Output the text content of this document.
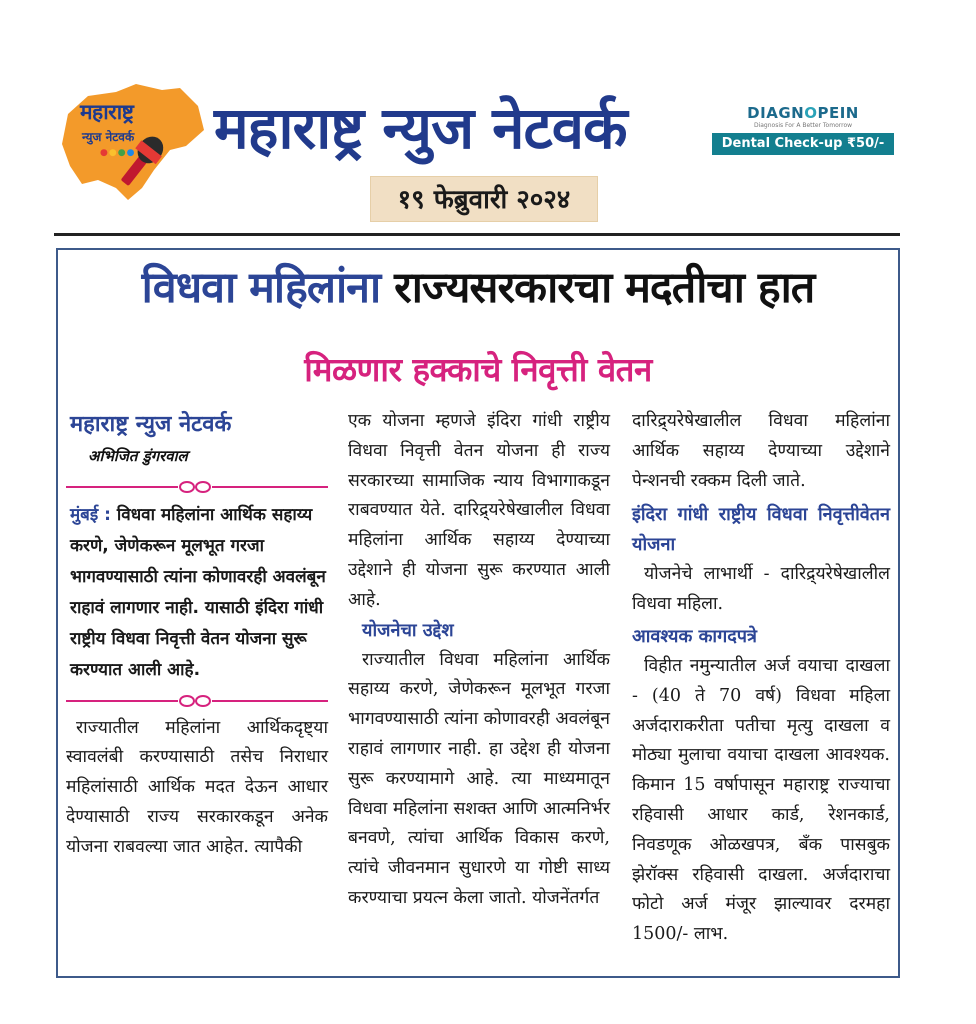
महाराष्ट्र
न्युज नेटवर्क
●●●● महाराष्ट्र न्युज नेटवर्क
१९ फेब्रुवारी २०२४
DIAGNOPEIN
Diagnosis For A Better Tomorrow
Dental Check-up ₹50/-
विधवा महिलांना राज्यसरकारचा मदतीचा हात
मिळणार हक्काचे निवृत्ती वेतन
महाराष्ट्र न्युज नेटवर्क
अभिजित डुंगरवाल
मुंबई : विधवा महिलांना आर्थिक सहाय्य करणे, जेणेकरून मूलभूत गरजा भागवण्यासाठी त्यांना कोणावरही अवलंबून राहावं लागणार नाही. यासाठी इंदिरा गांधी राष्ट्रीय विधवा निवृत्ती वेतन योजना सुरू करण्यात आली आहे.

राज्यातील महिलांना आर्थिकदृष्ट्या स्वावलंबी करण्यासाठी तसेच निराधार महिलांसाठी आर्थिक मदत देऊन आधार देण्यासाठी राज्य सरकारकडून अनेक योजना राबवल्या जात आहेत. त्यापैकी

एक योजना म्हणजे इंदिरा गांधी राष्ट्रीय विधवा निवृत्ती वेतन योजना ही राज्य सरकारच्या सामाजिक न्याय विभागाकडून राबवण्यात येते. दारिद्र्यरेषेखालील विधवा महिलांना आर्थिक सहाय्य देण्याच्या उद्देशाने ही योजना सुरू करण्यात आली आहे.

योजनेचा उद्देश

राज्यातील विधवा महिलांना आर्थिक सहाय्य करणे, जेणेकरून मूलभूत गरजा भागवण्यासाठी त्यांना कोणावरही अवलंबून राहावं लागणार नाही. हा उद्देश ही योजना सुरू करण्यामागे आहे. त्या माध्यमातून विधवा महिलांना सशक्त आणि आत्मनिर्भर बनवणे, त्यांचा आर्थिक विकास करणे, त्यांचे जीवनमान सुधारणे या गोष्टी साध्य करण्याचा प्रयत्न केला जातो. योजनेंतर्गत

दारिद्र्यरेषेखालील विधवा महिलांना आर्थिक सहाय्य देण्याच्या उद्देशाने पेन्शनची रक्कम दिली जाते.

इंदिरा गांधी राष्ट्रीय विधवा निवृत्तीवेतन योजना

योजनेचे लाभार्थी - दारिद्र्यरेषेखालील विधवा महिला.

आवश्यक कागदपत्रे

विहीत नमुन्यातील अर्ज वयाचा दाखला - (40 ते 70 वर्ष) विधवा महिला अर्जदाराकरीता पतीचा मृत्यु दाखला व मोठ्या मुलाचा वयाचा दाखला आवश्यक. किमान 15 वर्षापासून महाराष्ट्र राज्याचा रहिवासी आधार कार्ड, रेशनकार्ड, निवडणूक ओळखपत्र, बँक पासबुक झेरॉक्स रहिवासी दाखला. अर्जदाराचा फोटो अर्ज मंजूर झाल्यावर दरमहा 1500/- लाभ.
